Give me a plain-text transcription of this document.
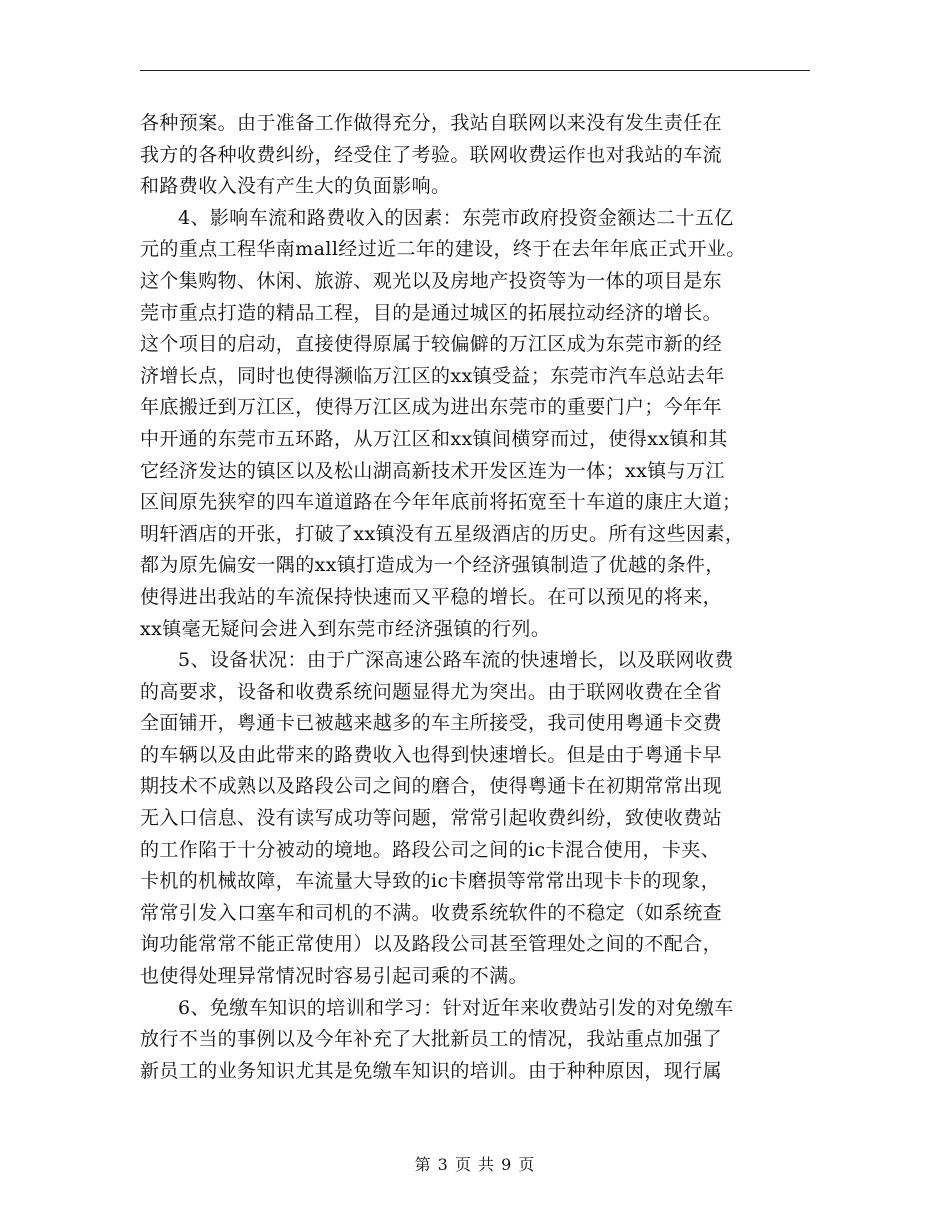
各种预案。由于准备工作做得充分，我站自联网以来没有发生责任在
我方的各种收费纠纷，经受住了考验。联网收费运作也对我站的车流
和路费收入没有产生大的负面影响。
4、影响车流和路费收入的因素：东莞市政府投资金额达二十五亿
元的重点工程华南mall经过近二年的建设，终于在去年年底正式开业。
这个集购物、休闲、旅游、观光以及房地产投资等为一体的项目是东
莞市重点打造的精品工程，目的是通过城区的拓展拉动经济的增长。
这个项目的启动，直接使得原属于较偏僻的万江区成为东莞市新的经
济增长点，同时也使得濒临万江区的xx镇受益；东莞市汽车总站去年
年底搬迁到万江区，使得万江区成为进出东莞市的重要门户；今年年
中开通的东莞市五环路，从万江区和xx镇间横穿而过，使得xx镇和其
它经济发达的镇区以及松山湖高新技术开发区连为一体；xx镇与万江
区间原先狭窄的四车道道路在今年年底前将拓宽至十车道的康庄大道；
明轩酒店的开张，打破了xx镇没有五星级酒店的历史。所有这些因素，
都为原先偏安一隅的xx镇打造成为一个经济强镇制造了优越的条件，
使得进出我站的车流保持快速而又平稳的增长。在可以预见的将来，
xx镇毫无疑问会进入到东莞市经济强镇的行列。
5、设备状况：由于广深高速公路车流的快速增长，以及联网收费
的高要求，设备和收费系统问题显得尤为突出。由于联网收费在全省
全面铺开，粤通卡已被越来越多的车主所接受，我司使用粤通卡交费
的车辆以及由此带来的路费收入也得到快速增长。但是由于粤通卡早
期技术不成熟以及路段公司之间的磨合，使得粤通卡在初期常常出现
无入口信息、没有读写成功等问题，常常引起收费纠纷，致使收费站
的工作陷于十分被动的境地。路段公司之间的ic卡混合使用，卡夹、
卡机的机械故障，车流量大导致的ic卡磨损等常常出现卡卡的现象，
常常引发入口塞车和司机的不满。收费系统软件的不稳定（如系统查
询功能常常不能正常使用）以及路段公司甚至管理处之间的不配合，
也使得处理异常情况时容易引起司乘的不满。
6、免缴车知识的培训和学习：针对近年来收费站引发的对免缴车
放行不当的事例以及今年补充了大批新员工的情况，我站重点加强了
新员工的业务知识尤其是免缴车知识的培训。由于种种原因，现行属
第 3 页 共 9 页
